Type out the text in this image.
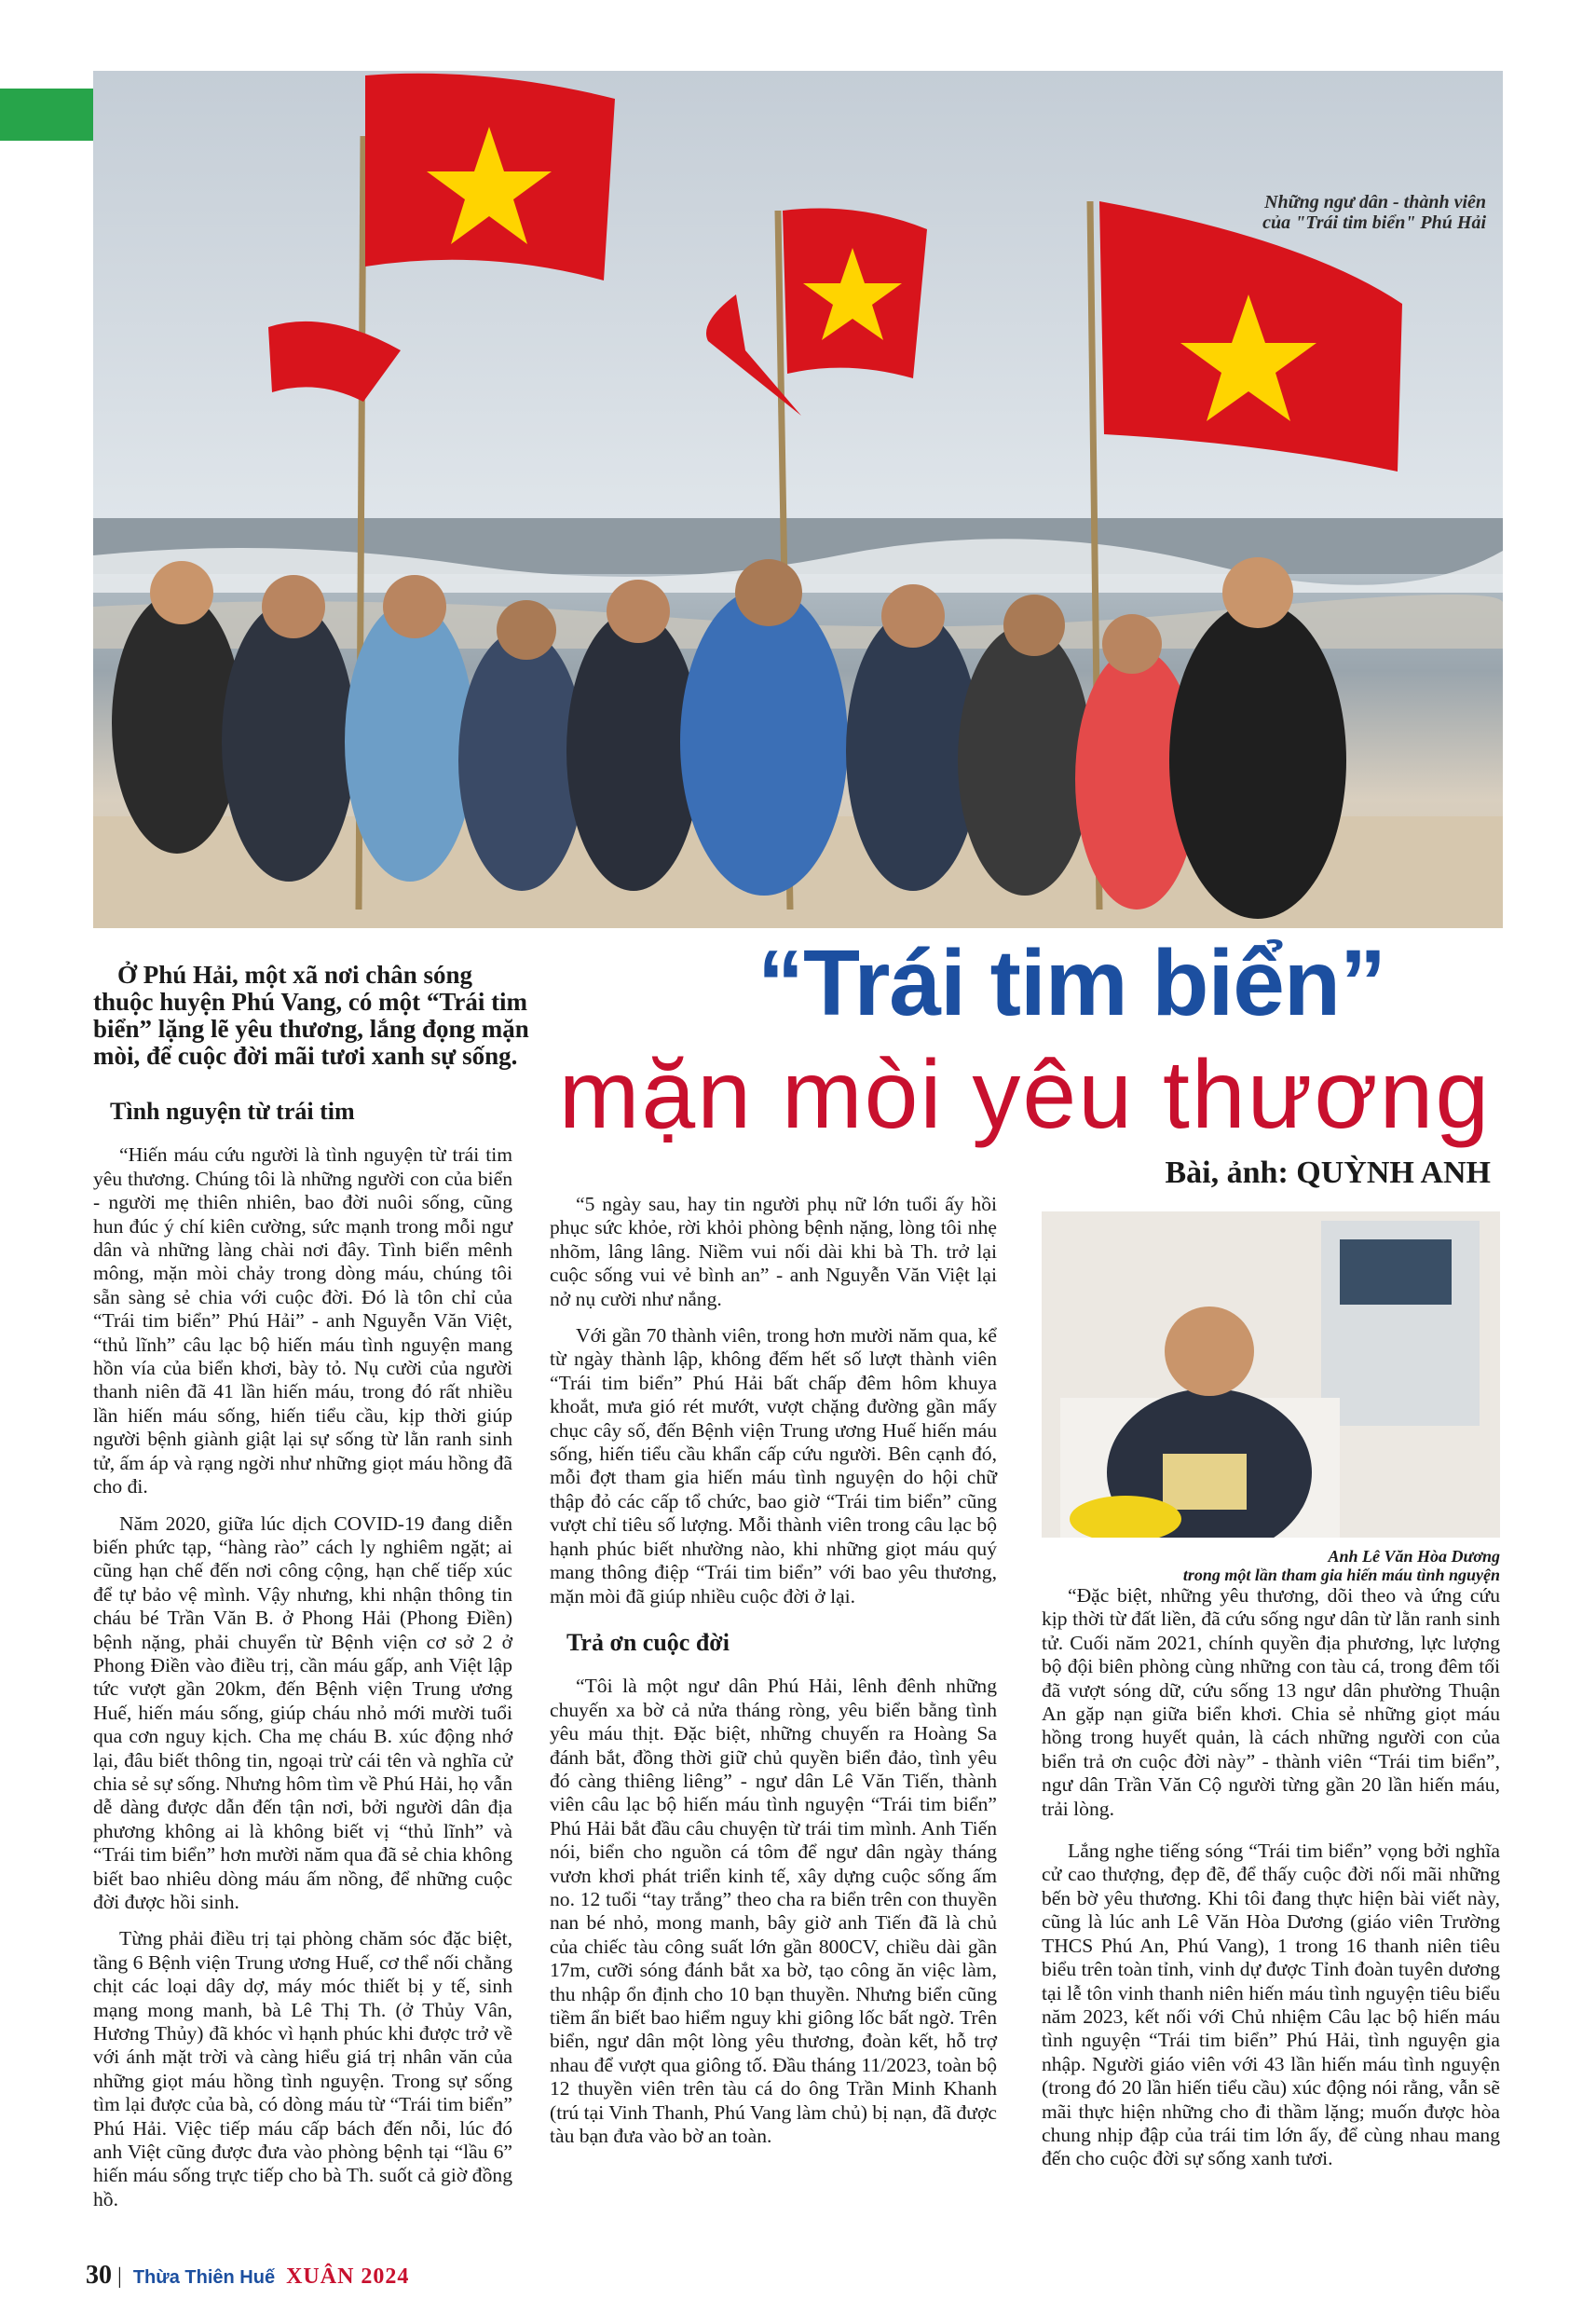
Những ngư dân - thành viên
của "Trái tim biển" Phú Hải
“Trái tim biển”
mặn mòi yêu thương
Bài, ảnh: QUỲNH ANH
Ở Phú Hải, một xã nơi chân sóng thuộc huyện Phú Vang, có một “Trái tim biển” lặng lẽ yêu thương, lắng đọng mặn mòi, để cuộc đời mãi tươi xanh sự sống.
Tình nguyện từ trái tim

“Hiến máu cứu người là tình nguyện từ trái tim yêu thương. Chúng tôi là những người con của biển - người mẹ thiên nhiên, bao đời nuôi sống, cũng hun đúc ý chí kiên cường, sức mạnh trong mỗi ngư dân và những làng chài nơi đây. Tình biển mênh mông, mặn mòi chảy trong dòng máu, chúng tôi sẵn sàng sẻ chia với cuộc đời. Đó là tôn chỉ của “Trái tim biển” Phú Hải” - anh Nguyễn Văn Việt, “thủ lĩnh” câu lạc bộ hiến máu tình nguyện mang hồn vía của biển khơi, bày tỏ. Nụ cười của người thanh niên đã 41 lần hiến máu, trong đó rất nhiều lần hiến máu sống, hiến tiểu cầu, kịp thời giúp người bệnh giành giật lại sự sống từ lằn ranh sinh tử, ấm áp và rạng ngời như những giọt máu hồng đã cho đi.

Năm 2020, giữa lúc dịch COVID-19 đang diễn biến phức tạp, “hàng rào” cách ly nghiêm ngặt; ai cũng hạn chế đến nơi công cộng, hạn chế tiếp xúc để tự bảo vệ mình. Vậy nhưng, khi nhận thông tin cháu bé Trần Văn B. ở Phong Hải (Phong Điền) bệnh nặng, phải chuyển từ Bệnh viện cơ sở 2 ở Phong Điền vào điều trị, cần máu gấp, anh Việt lập tức vượt gần 20km, đến Bệnh viện Trung ương Huế, hiến máu sống, giúp cháu nhỏ mới mười tuổi qua cơn nguy kịch. Cha mẹ cháu B. xúc động nhớ lại, đâu biết thông tin, ngoại trừ cái tên và nghĩa cử chia sẻ sự sống. Nhưng hôm tìm về Phú Hải, họ vẫn dễ dàng được dẫn đến tận nơi, bởi người dân địa phương không ai là không biết vị “thủ lĩnh” và “Trái tim biển” hơn mười năm qua đã sẻ chia không biết bao nhiêu dòng máu ấm nồng, để những cuộc đời được hồi sinh.

Từng phải điều trị tại phòng chăm sóc đặc biệt, tầng 6 Bệnh viện Trung ương Huế, cơ thể nối chằng chịt các loại dây dợ, máy móc thiết bị y tế, sinh mạng mong manh, bà Lê Thị Th. (ở Thủy Vân, Hương Thủy) đã khóc vì hạnh phúc khi được trở về với ánh mặt trời và càng hiểu giá trị nhân văn của những giọt máu hồng tình nguyện. Trong sự sống tìm lại được của bà, có dòng máu từ “Trái tim biển” Phú Hải. Việc tiếp máu cấp bách đến nỗi, lúc đó anh Việt cũng được đưa vào phòng bệnh tại “lầu 6” hiến máu sống trực tiếp cho bà Th. suốt cả giờ đồng hồ.

“5 ngày sau, hay tin người phụ nữ lớn tuổi ấy hồi phục sức khỏe, rời khỏi phòng bệnh nặng, lòng tôi nhẹ nhõm, lâng lâng. Niềm vui nối dài khi bà Th. trở lại cuộc sống vui vẻ bình an” - anh Nguyễn Văn Việt lại nở nụ cười như nắng.

Với gần 70 thành viên, trong hơn mười năm qua, kể từ ngày thành lập, không đếm hết số lượt thành viên “Trái tim biển” Phú Hải bất chấp đêm hôm khuya khoắt, mưa gió rét mướt, vượt chặng đường gần mấy chục cây số, đến Bệnh viện Trung ương Huế hiến máu sống, hiến tiểu cầu khẩn cấp cứu người. Bên cạnh đó, mỗi đợt tham gia hiến máu tình nguyện do hội chữ thập đỏ các cấp tổ chức, bao giờ “Trái tim biển” cũng vượt chỉ tiêu số lượng. Mỗi thành viên trong câu lạc bộ hạnh phúc biết nhường nào, khi những giọt máu quý mang thông điệp “Trái tim biển” với bao yêu thương, mặn mòi đã giúp nhiều cuộc đời ở lại.

Trả ơn cuộc đời

“Tôi là một ngư dân Phú Hải, lênh đênh những chuyến xa bờ cả nửa tháng ròng, yêu biển bằng tình yêu máu thịt. Đặc biệt, những chuyến ra Hoàng Sa đánh bắt, đồng thời giữ chủ quyền biển đảo, tình yêu đó càng thiêng liêng” - ngư dân Lê Văn Tiến, thành viên câu lạc bộ hiến máu tình nguyện “Trái tim biển” Phú Hải bắt đầu câu chuyện từ trái tim mình. Anh Tiến nói, biển cho nguồn cá tôm để ngư dân ngày tháng vươn khơi phát triển kinh tế, xây dựng cuộc sống ấm no. 12 tuổi “tay trắng” theo cha ra biển trên con thuyền nan bé nhỏ, mong manh, bây giờ anh Tiến đã là chủ của chiếc tàu công suất lớn gần 800CV, chiều dài gần 17m, cưỡi sóng đánh bắt xa bờ, tạo công ăn việc làm, thu nhập ổn định cho 10 bạn thuyền. Nhưng biển cũng tiềm ẩn biết bao hiểm nguy khi giông lốc bất ngờ. Trên biển, ngư dân một lòng yêu thương, đoàn kết, hỗ trợ nhau để vượt qua giông tố. Đầu tháng 11/2023, toàn bộ 12 thuyền viên trên tàu cá do ông Trần Minh Khanh (trú tại Vinh Thanh, Phú Vang làm chủ) bị nạn, đã được tàu bạn đưa vào bờ an toàn.

Anh Lê Văn Hòa Dương
trong một lần tham gia hiến máu tình nguyện

“Đặc biệt, những yêu thương, dõi theo và ứng cứu kịp thời từ đất liền, đã cứu sống ngư dân từ lằn ranh sinh tử. Cuối năm 2021, chính quyền địa phương, lực lượng bộ đội biên phòng cùng những con tàu cá, trong đêm tối đã vượt sóng dữ, cứu sống 13 ngư dân phường Thuận An gặp nạn giữa biển khơi. Chia sẻ những giọt máu hồng trong huyết quản, là cách những người con của biển trả ơn cuộc đời này” - thành viên “Trái tim biển”, ngư dân Trần Văn Cộ người từng gần 20 lần hiến máu, trải lòng.

Lắng nghe tiếng sóng “Trái tim biển” vọng bởi nghĩa cử cao thượng, đẹp đẽ, để thấy cuộc đời nối mãi những bến bờ yêu thương. Khi tôi đang thực hiện bài viết này, cũng là lúc anh Lê Văn Hòa Dương (giáo viên Trường THCS Phú An, Phú Vang), 1 trong 16 thanh niên tiêu biểu trên toàn tỉnh, vinh dự được Tỉnh đoàn tuyên dương tại lễ tôn vinh thanh niên hiến máu tình nguyện tiêu biểu năm 2023, kết nối với Chủ nhiệm Câu lạc bộ hiến máu tình nguyện “Trái tim biển” Phú Hải, tình nguyện gia nhập. Người giáo viên với 43 lần hiến máu tình nguyện (trong đó 20 lần hiến tiểu cầu) xúc động nói rằng, vẫn sẽ mãi thực hiện những cho đi thầm lặng; muốn được hòa chung nhịp đập của trái tim lớn ấy, để cùng nhau mang đến cho cuộc đời sự sống xanh tươi.

30 | Thừa Thiên Huế XUÂN 2024
